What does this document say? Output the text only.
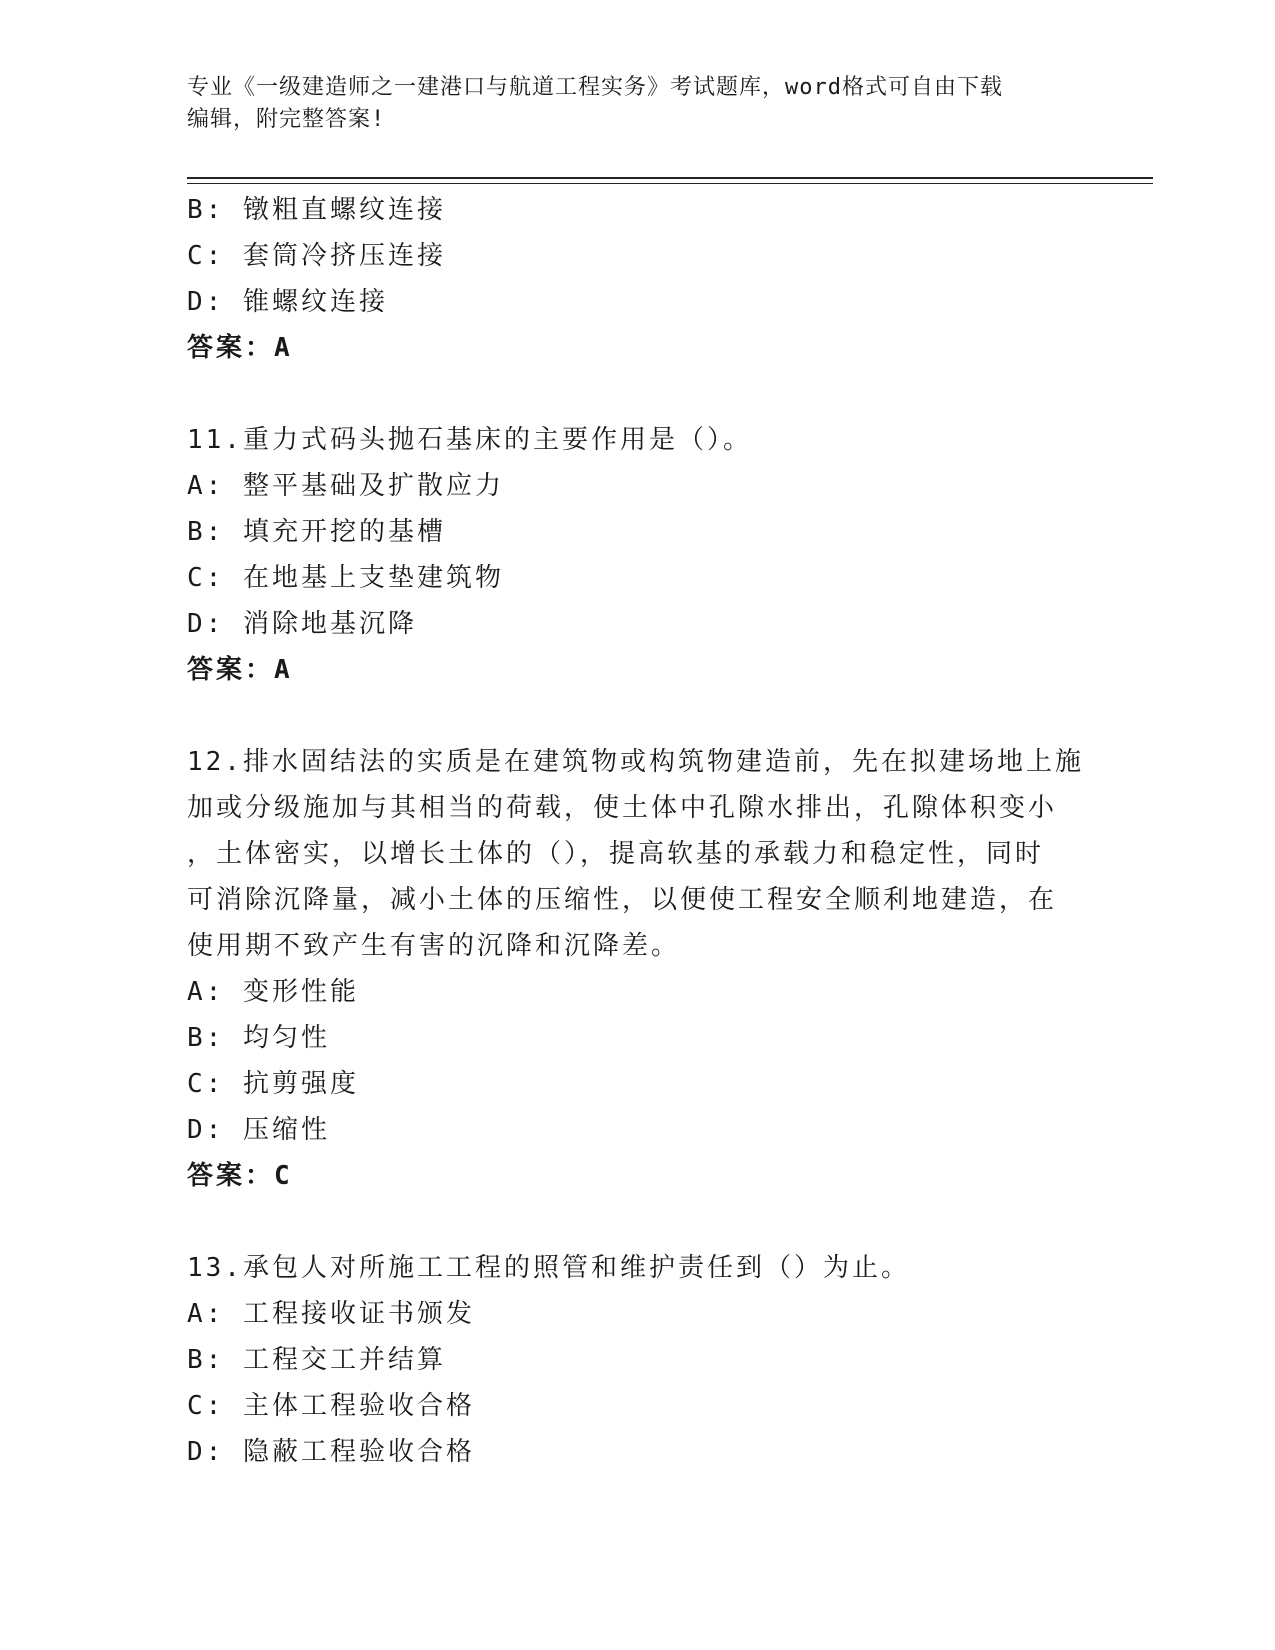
专业《一级建造师之一建港口与航道工程实务》考试题库，word格式可自由下载
编辑，附完整答案!
B: 镦粗直螺纹连接
C: 套筒冷挤压连接
D: 锥螺纹连接
答案：A
11.重力式码头抛石基床的主要作用是（）。
A: 整平基础及扩散应力
B: 填充开挖的基槽
C: 在地基上支垫建筑物
D: 消除地基沉降
答案：A
12.排水固结法的实质是在建筑物或构筑物建造前，先在拟建场地上施
加或分级施加与其相当的荷载，使土体中孔隙水排出，孔隙体积变小
，土体密实，以增长土体的（），提高软基的承载力和稳定性，同时
可消除沉降量，减小土体的压缩性，以便使工程安全顺利地建造，在
使用期不致产生有害的沉降和沉降差。
A: 变形性能
B: 均匀性
C: 抗剪强度
D: 压缩性
答案：C
13.承包人对所施工工程的照管和维护责任到（）为止。
A: 工程接收证书颁发
B: 工程交工并结算
C: 主体工程验收合格
D: 隐蔽工程验收合格
